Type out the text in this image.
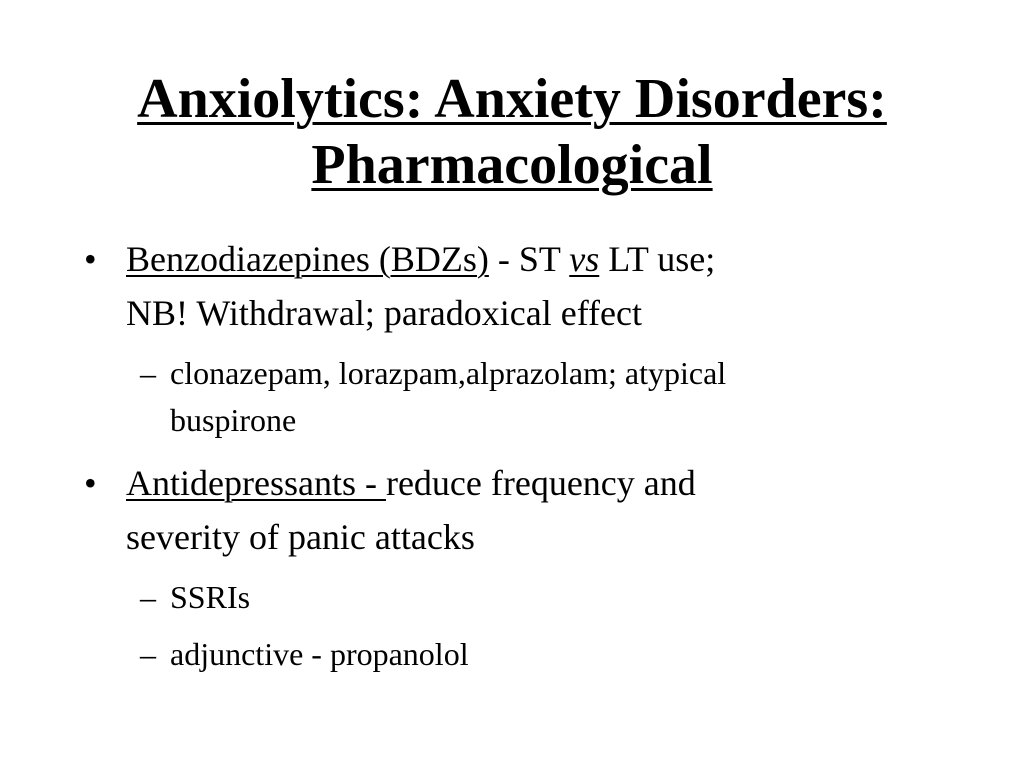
Anxiolytics: Anxiety Disorders:
Pharmacological
• Benzodiazepines (BDZs) - ST vs LT use;
NB! Withdrawal; paradoxical effect
– clonazepam, lorazpam,alprazolam; atypical
buspirone
• Antidepressants - reduce frequency and
severity of panic attacks
– SSRIs
– adjunctive - propanolol
